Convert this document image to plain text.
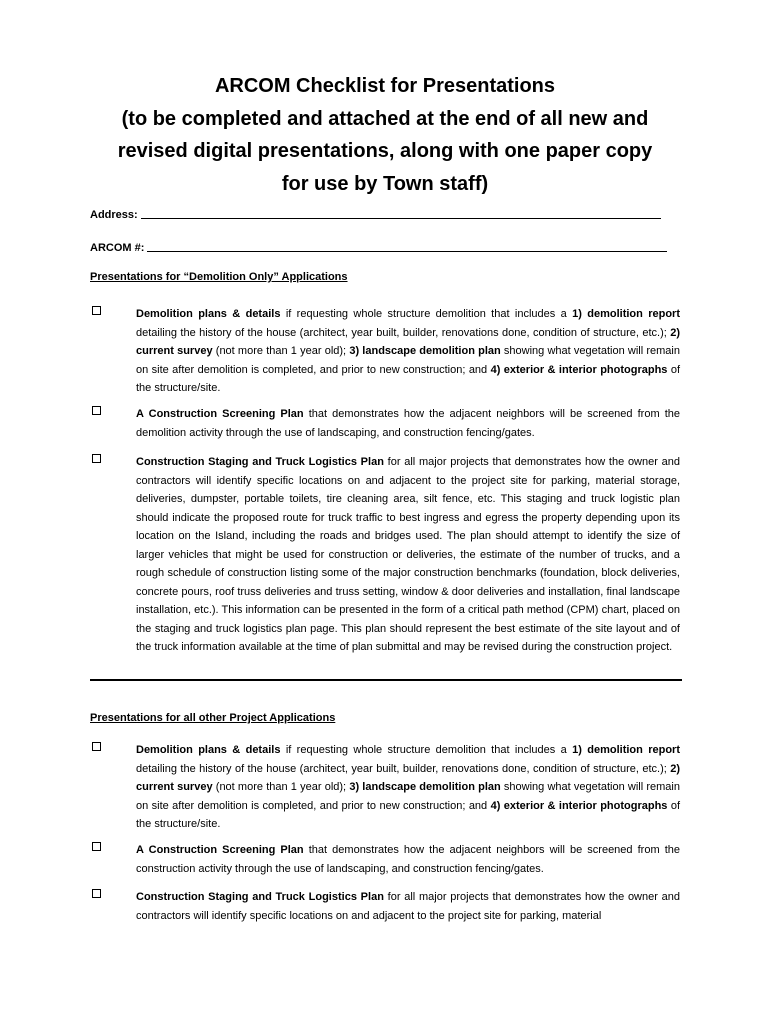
ARCOM Checklist for Presentations
(to be completed and attached at the end of all new and
revised digital presentations, along with one paper copy
for use by Town staff)
Address:
ARCOM #:
Presentations for “Demolition Only” Applications

Demolition plans & details if requesting whole structure demolition that includes a 1) demolition report detailing the history of the house (architect, year built, builder, renovations done, condition of structure, etc.); 2) current survey (not more than 1 year old); 3) landscape demolition plan showing what vegetation will remain on site after demolition is completed, and prior to new construction; and 4) exterior & interior photographs of the structure/site.

A Construction Screening Plan that demonstrates how the adjacent neighbors will be screened from the demolition activity through the use of landscaping, and construction fencing/gates.

Construction Staging and Truck Logistics Plan for all major projects that demonstrates how the owner and contractors will identify specific locations on and adjacent to the project site for parking, material storage, deliveries, dumpster, portable toilets, tire cleaning area, silt fence, etc. This staging and truck logistic plan should indicate the proposed route for truck traffic to best ingress and egress the property depending upon its location on the Island, including the roads and bridges used. The plan should attempt to identify the size of larger vehicles that might be used for construction or deliveries, the estimate of the number of trucks, and a rough schedule of construction listing some of the major construction benchmarks (foundation, block deliveries, concrete pours, roof truss deliveries and truss setting, window & door deliveries and installation, final landscape installation, etc.). This information can be presented in the form of a critical path method (CPM) chart, placed on the staging and truck logistics plan page. This plan should represent the best estimate of the site layout and of the truck information available at the time of plan submittal and may be revised during the construction project.

Presentations for all other Project Applications

Demolition plans & details if requesting whole structure demolition that includes a 1) demolition report detailing the history of the house (architect, year built, builder, renovations done, condition of structure, etc.); 2) current survey (not more than 1 year old); 3) landscape demolition plan showing what vegetation will remain on site after demolition is completed, and prior to new construction; and 4) exterior & interior photographs of the structure/site.

A Construction Screening Plan that demonstrates how the adjacent neighbors will be screened from the construction activity through the use of landscaping, and construction fencing/gates.

Construction Staging and Truck Logistics Plan for all major projects that demonstrates how the owner and contractors will identify specific locations on and adjacent to the project site for parking, material
